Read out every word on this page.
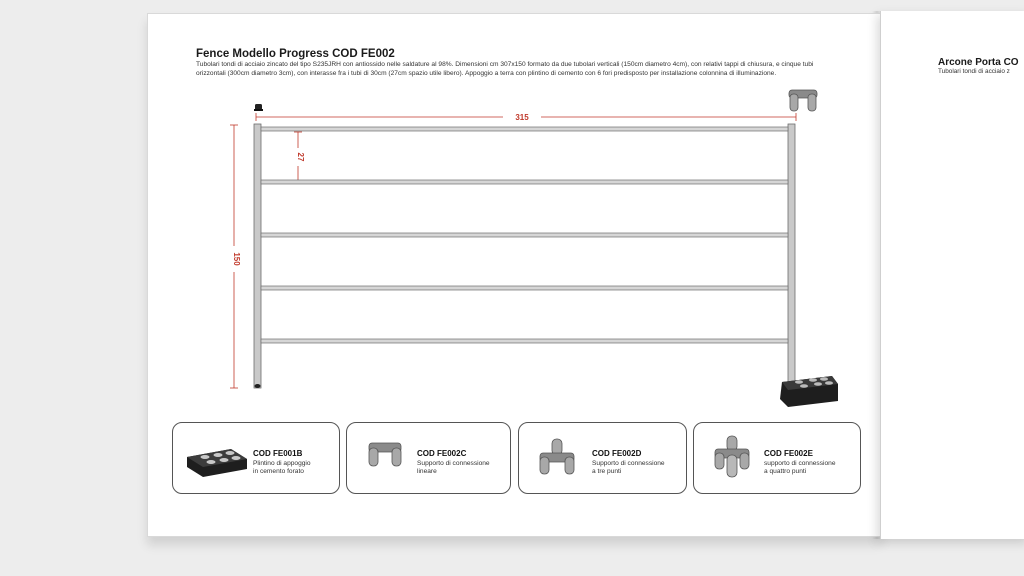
Fence Modello Progress COD FE002
Tubolari tondi di acciaio zincato del tipo S235JRH con antiossido nelle saldature al 98%. Dimensioni cm 307x150 formato da due tubolari verticali (150cm diametro 4cm), con relativi tappi di chiusura, e cinque tubi orizzontali (300cm diametro 3cm), con interasse fra i tubi di 30cm (27cm spazio utile libero). Appoggio a terra con plintino di cemento con 6 fori predisposto per installazione colonnina di illuminazione.
315
150
27
COD FE001B
Plintino di appoggio
in cemento forato
COD FE002C
Supporto di connessione
lineare
COD FE002D
Supporto di connessione
a tre punti
COD FE002E
supporto di connessione
a quattro punti
Arcone Porta CO
Tubolari tondi di acciaio z
